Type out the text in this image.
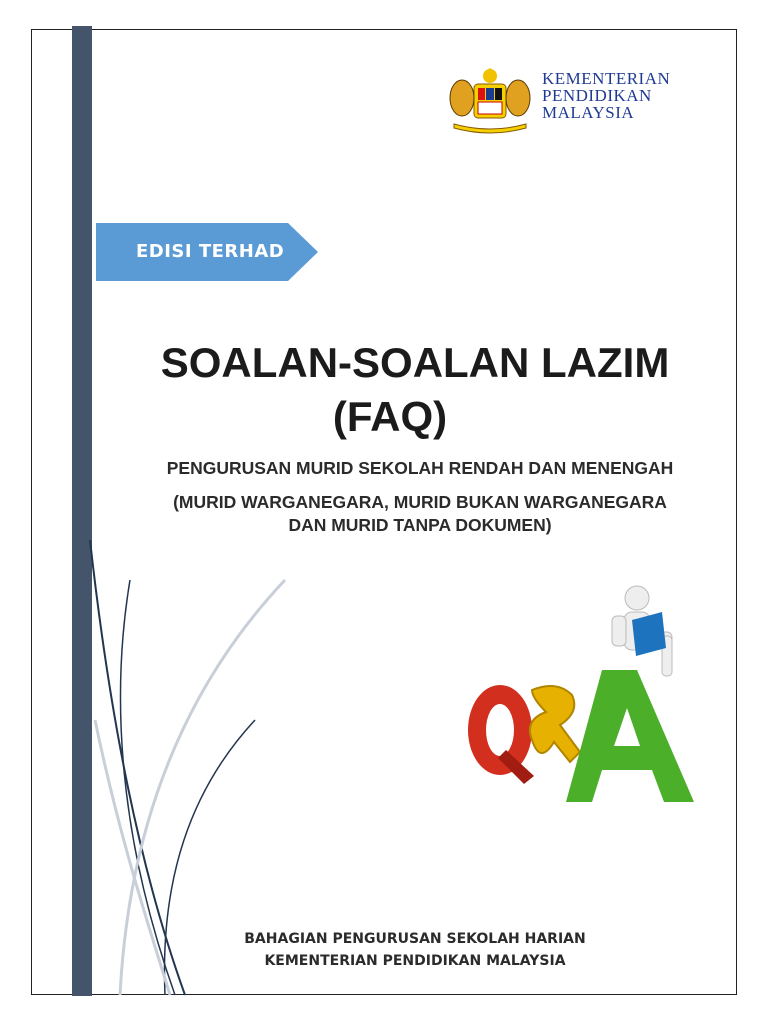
KEMENTERIAN
PENDIDIKAN
MALAYSIA
EDISI TERHAD
SOALAN-SOALAN LAZIM
(FAQ)
PENGURUSAN MURID SEKOLAH RENDAH DAN MENENGAH
(MURID WARGANEGARA, MURID BUKAN WARGANEGARA
DAN MURID TANPA DOKUMEN)
BAHAGIAN PENGURUSAN SEKOLAH HARIAN
KEMENTERIAN PENDIDIKAN MALAYSIA
